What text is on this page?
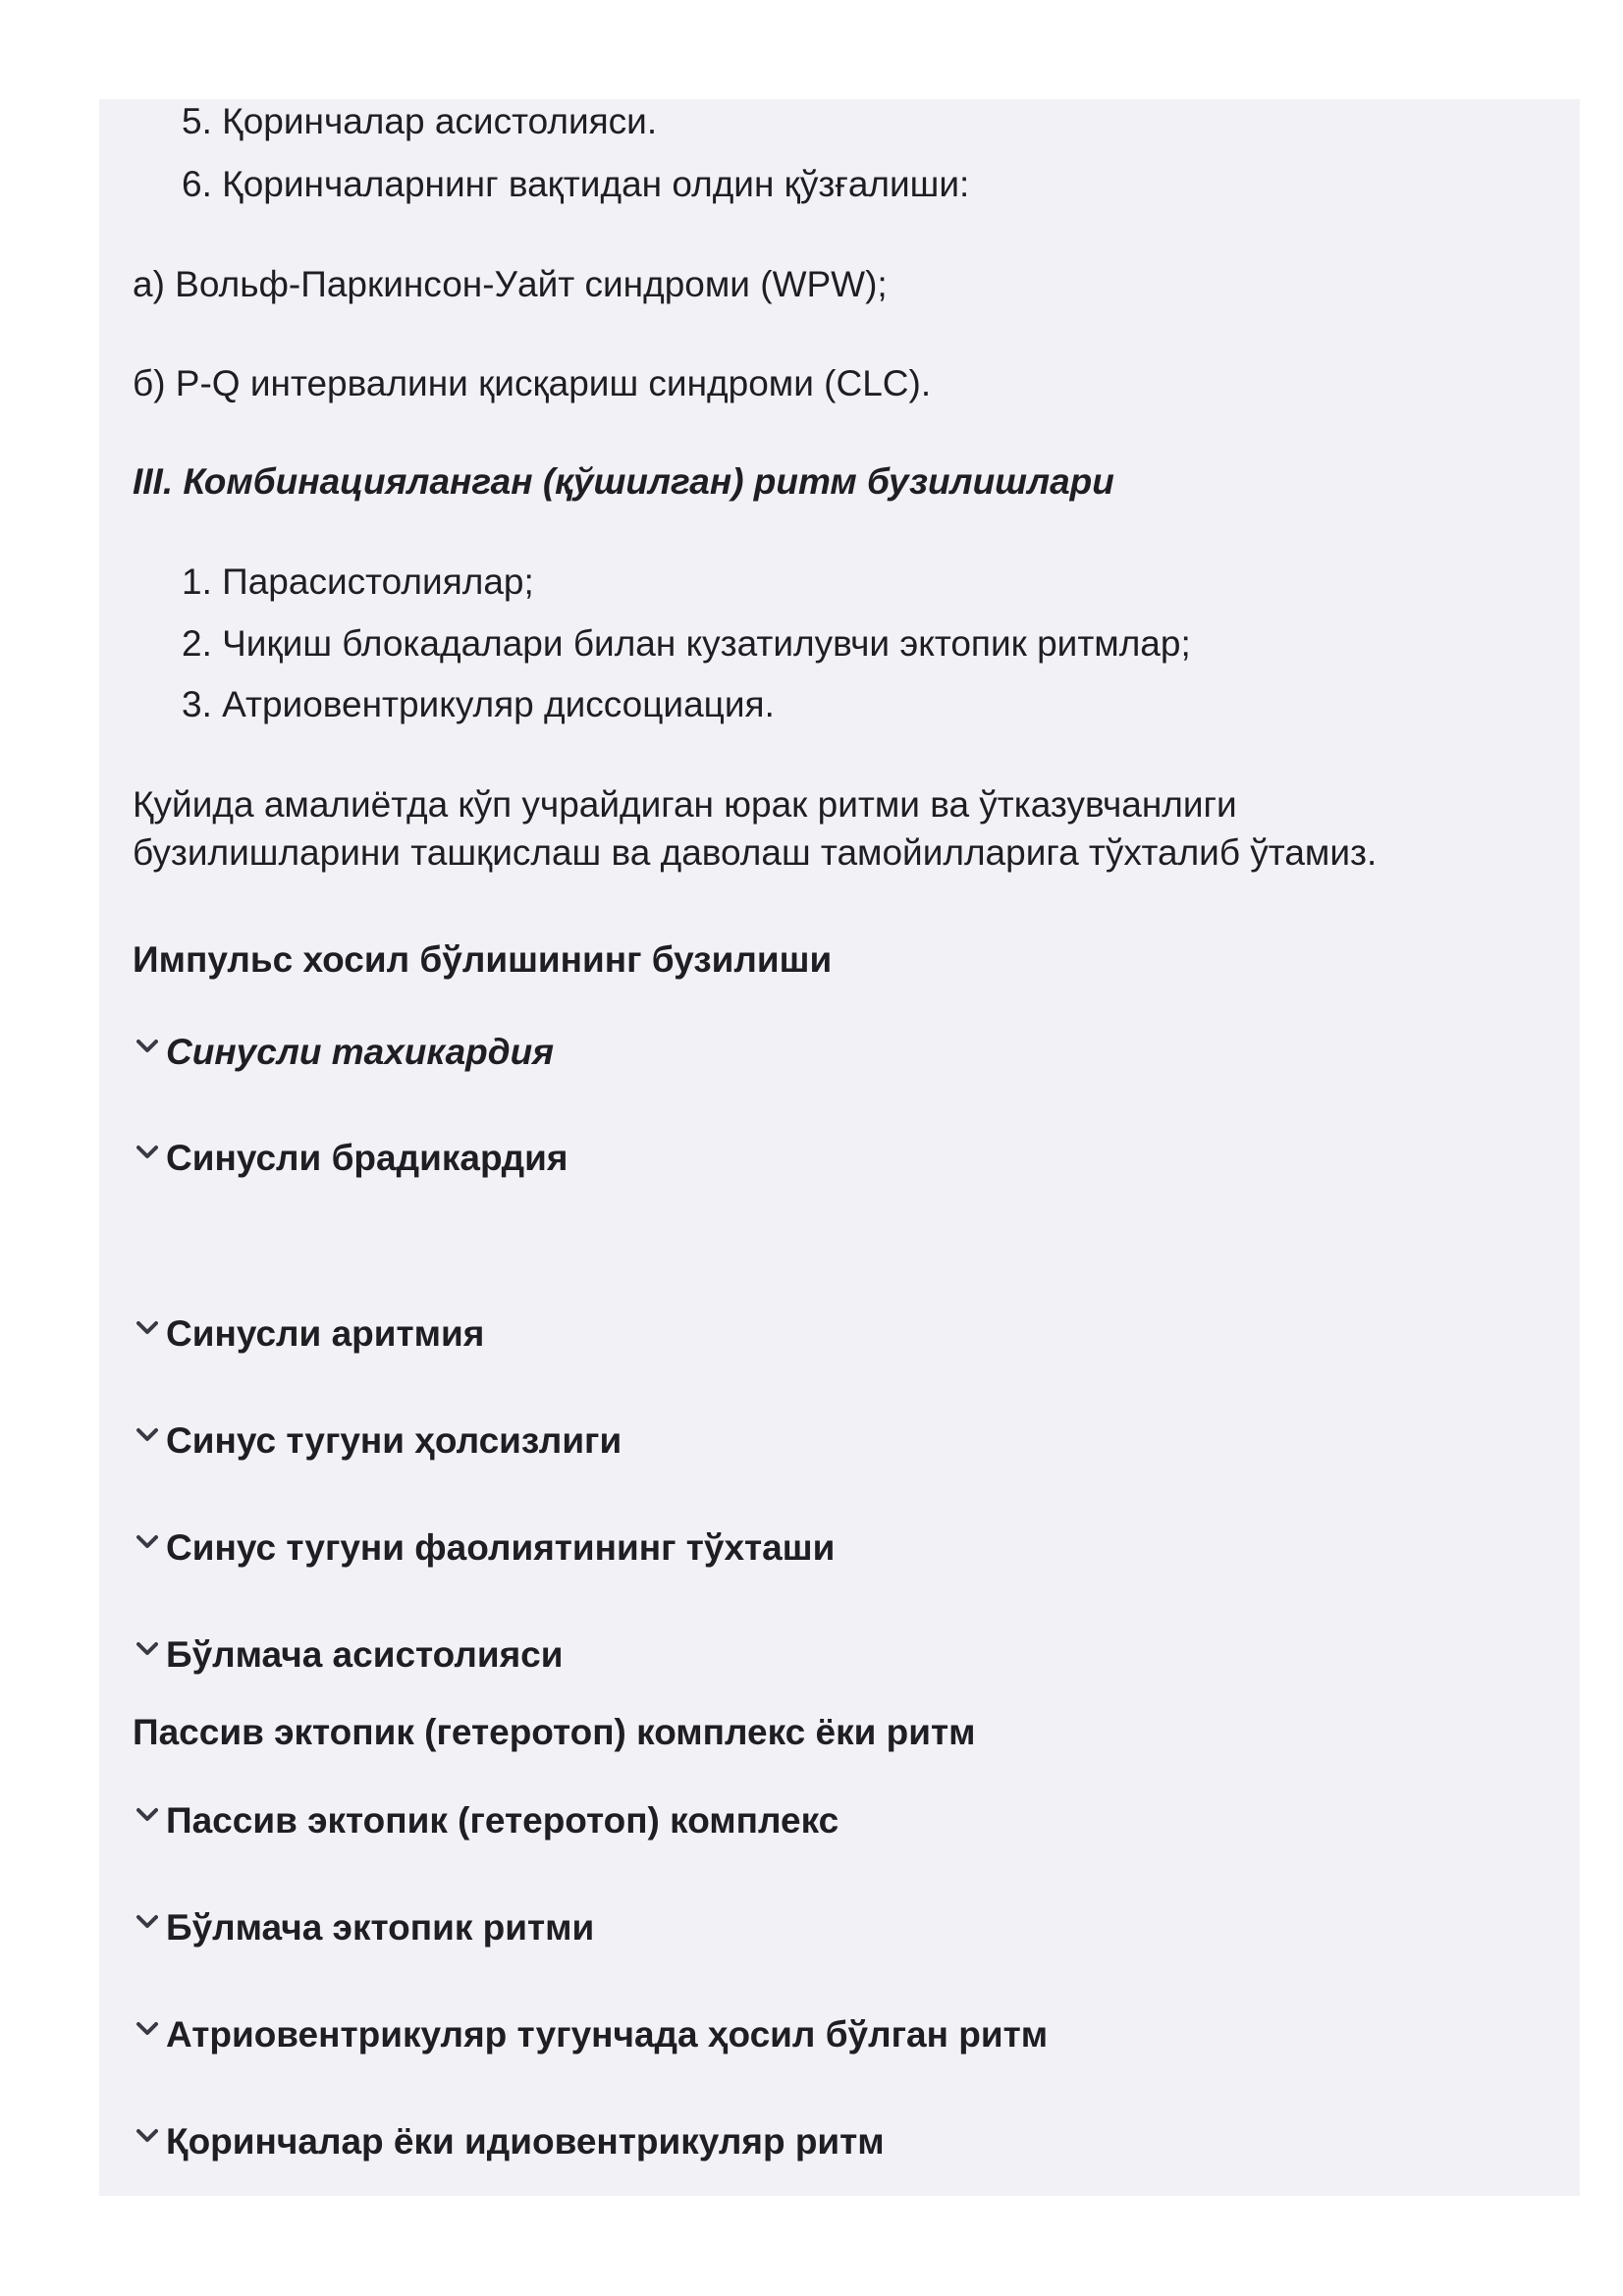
5. Қоринчалар асистолияси.
6. Қоринчаларнинг вақтидан олдин қўзғалиши:
а) Вольф-Паркинсон-Уайт синдроми (WPW);
б) P-Q интервалини қисқариш синдроми (CLC).
III. Комбинацияланган (қўшилган) ритм бузилишлари
1. Парасистолиялар;
2. Чиқиш блокадалари билан кузатилувчи эктопик ритмлар;
3. Атриовентрикуляр диссоциация.
Қуйида амалиётда кўп учрайдиган юрак ритми ва ўтказувчанлиги
бузилишларини ташқислаш ва даволаш тамойилларига тўхталиб ўтамиз.
Импульс хосил бўлишининг бузилиши
Синусли тахикардия
Синусли брадикардия
Синусли аритмия
Синус тугуни ҳолсизлиги
Синус тугуни фаолиятининг тўхташи
Бўлмача асистолияси
Пассив эктопик (гетеротоп) комплекс ёки ритм
Пассив эктопик (гетеротоп) комплекс
Бўлмача эктопик ритми
Атриовентрикуляр тугунчада ҳосил бўлган ритм
Қоринчалар ёки идиовентрикуляр ритм
